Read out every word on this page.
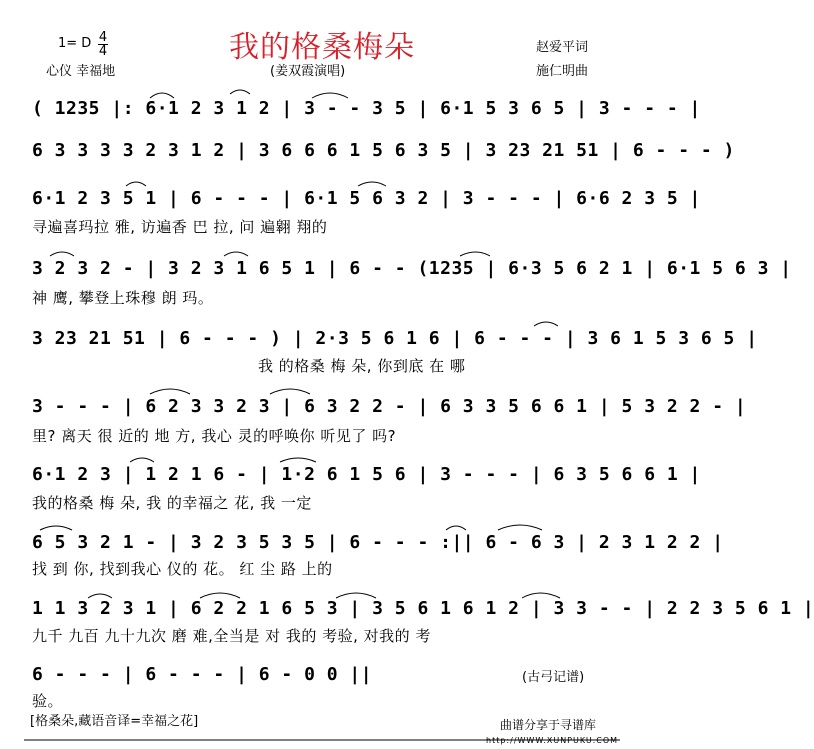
我的格桑梅朵
1= D 4
4
心仪 幸福地	(姜双霞演唱)
赵爱平词
施仁明曲
( 1235 |: 6·1 2 3 1 2 | 3 - - 3 5 | 6·1 5 3 6 5 | 3 - - - |
6 3 3 3 3 2 3 1 2 | 3 6 6 6 1 5 6 3 5 | 3 23 21 51 | 6 - - - )
6·1 2 3 5 1 | 6 - - - | 6·1 5 6 3 2 | 3 - - - | 6·6 2 3 5 |
寻遍喜玛拉 雅, 访遍香 巴 拉, 问 遍翱 翔的
3 2 3 2 - | 3 2 3 1 6 5 1 | 6 - - (1235 | 6·3 5 6 2 1 | 6·1 5 6 3 |
神 鹰, 攀登上珠穆 朗 玛。
3 23 21 51 | 6 - - - ) | 2·3 5 6 1 6 | 6 - - - | 3 6 1 5 3 6 5 |
我 的格桑 梅 朵, 你到底 在 哪
3 - - - | 6 2 3 3 2 3 | 6 3 2 2 - | 6 3 3 5 6 6 1 | 5 3 2 2 - |
里? 离天 很 近的 地 方, 我心 灵的呼唤你 听见了 吗?
6·1 2 3 | 1 2 1 6 - | 1·2 6 1 5 6 | 3 - - - | 6 3 5 6 6 1 |
我的格桑 梅 朵, 我 的幸福之 花, 我 一定
6 5 3 2 1 - | 3 2 3 5 3 5 | 6 - - - :|| 6 - 6 3 | 2 3 1 2 2 |
找 到 你, 找到我心 仪的 花。 红 尘 路 上的
1 1 3 2 3 1 | 6 2 2 1 6 5 3 | 3 5 6 1 6 1 2 | 3 3 - - | 2 2 3 5 6 1 |
九千 九百 九十九次 磨 难,全当是 对 我的 考验, 对我的 考
6 - - - | 6 - - - | 6 - 0 0 ||
验。
(古弓记谱)
[格桑朵,藏语音译=幸福之花]	曲谱分享于寻谱库
http://WWW.XUNPUKU.COM
